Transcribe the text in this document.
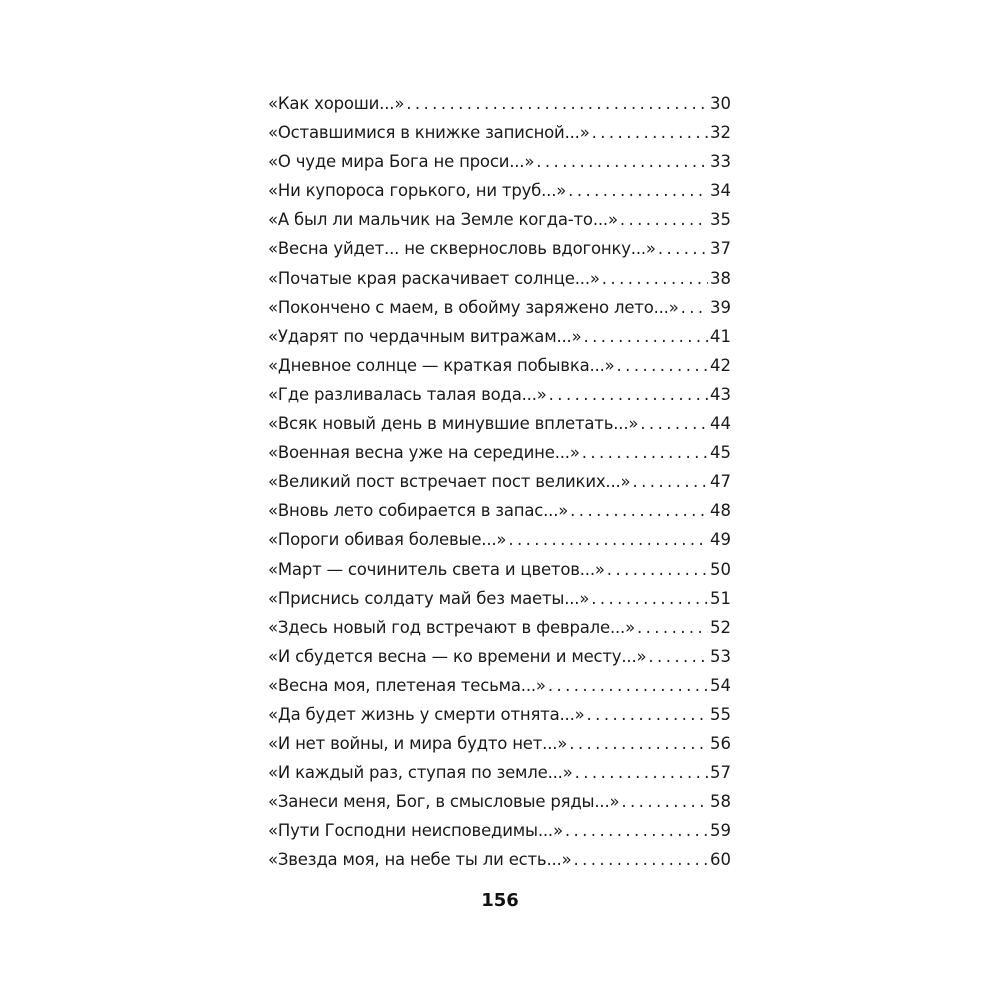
«Как хороши...» .....	30
«Оставшимися в книжке записной...» .....	32
«О чуде мира Бога не проси...» .....	33
«Ни купороса горького, ни труб...» .....	34
«А был ли мальчик на Земле когда-то...» .....	35
«Весна уйдет... не сквернословь вдогонку...» .....	37
«Початые края раскачивает солнце...» .....	38
«Покончено с маем, в обойму заряжено лето...» ..... 39
«Ударят по чердачным витражам...» .....	41
«Дневное солнце — краткая побывка...» .....	42
«Где разливалась талая вода...» .....	43
«Всяк новый день в минувшие вплетать...» .....	44
«Военная весна уже на середине...» .....	45
«Великий пост встречает пост великих...» .....	47
«Вновь лето собирается в запас...» .....	48
«Пороги обивая болевые...» .....	49
«Март — сочинитель света и цветов...» .....	50
«Приснись солдату май без маеты...» .....	51
«Здесь новый год встречают в феврале...» .....	52
«И сбудется весна — ко времени и месту...» .....	53
«Весна моя, плетеная тесьма...» .....	54
«Да будет жизнь у смерти отнята...» .....	55
«И нет войны, и мира будто нет...» .....	56
«И каждый раз, ступая по земле...» .....	57
«Занеси меня, Бог, в смысловые ряды...» .....	58
«Пути Господни неисповедимы...» .....	59
«Звезда моя, на небе ты ли есть...» .....	60
156
